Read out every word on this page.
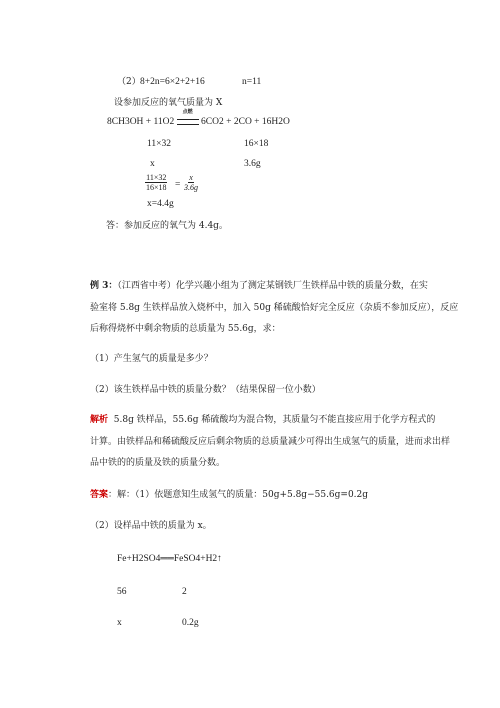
（2） 8+2n=6×2+2+16	n=11
设参加反应的氧气质量为 X
8CH3OH + 11O2
点燃
6CO2 + 2CO + 16H2O
11×32	16×18
x	3.6g
$\frac{11\times 32}{16\times 18} = \frac{x}{3.6g}$
x=4.4g
答：参加反应的氧气为 4.4g。
例 3：（江西省中考）化学兴趣小组为了测定某钢铁厂生铁样品中铁的质量分数，在实
验室将 5.8g 生铁样品放入烧杯中，加入 50g 稀硫酸恰好完全反应（杂质不参加反应），反应
后称得烧杯中剩余物质的总质量为 55.6g，求：
（1）产生氢气的质量是多少？
（2）该生铁样品中铁的质量分数？（结果保留一位小数）
解析 5.8g 铁样品，55.6g 稀硫酸均为混合物，其质量匀不能直接应用于化学方程式的
计算。由铁样品和稀硫酸反应后剩余物质的总质量减少可得出生成氢气的质量，进而求出样
品中铁的的质量及铁的质量分数。
答案：解：（1）依题意知生成氢气的质量：50g+5.8g−55.6g=0.2g
（2）设样品中铁的质量为 x。
Fe+H2SO4══FeSO4+H2↑
56	2
x	0.2g
